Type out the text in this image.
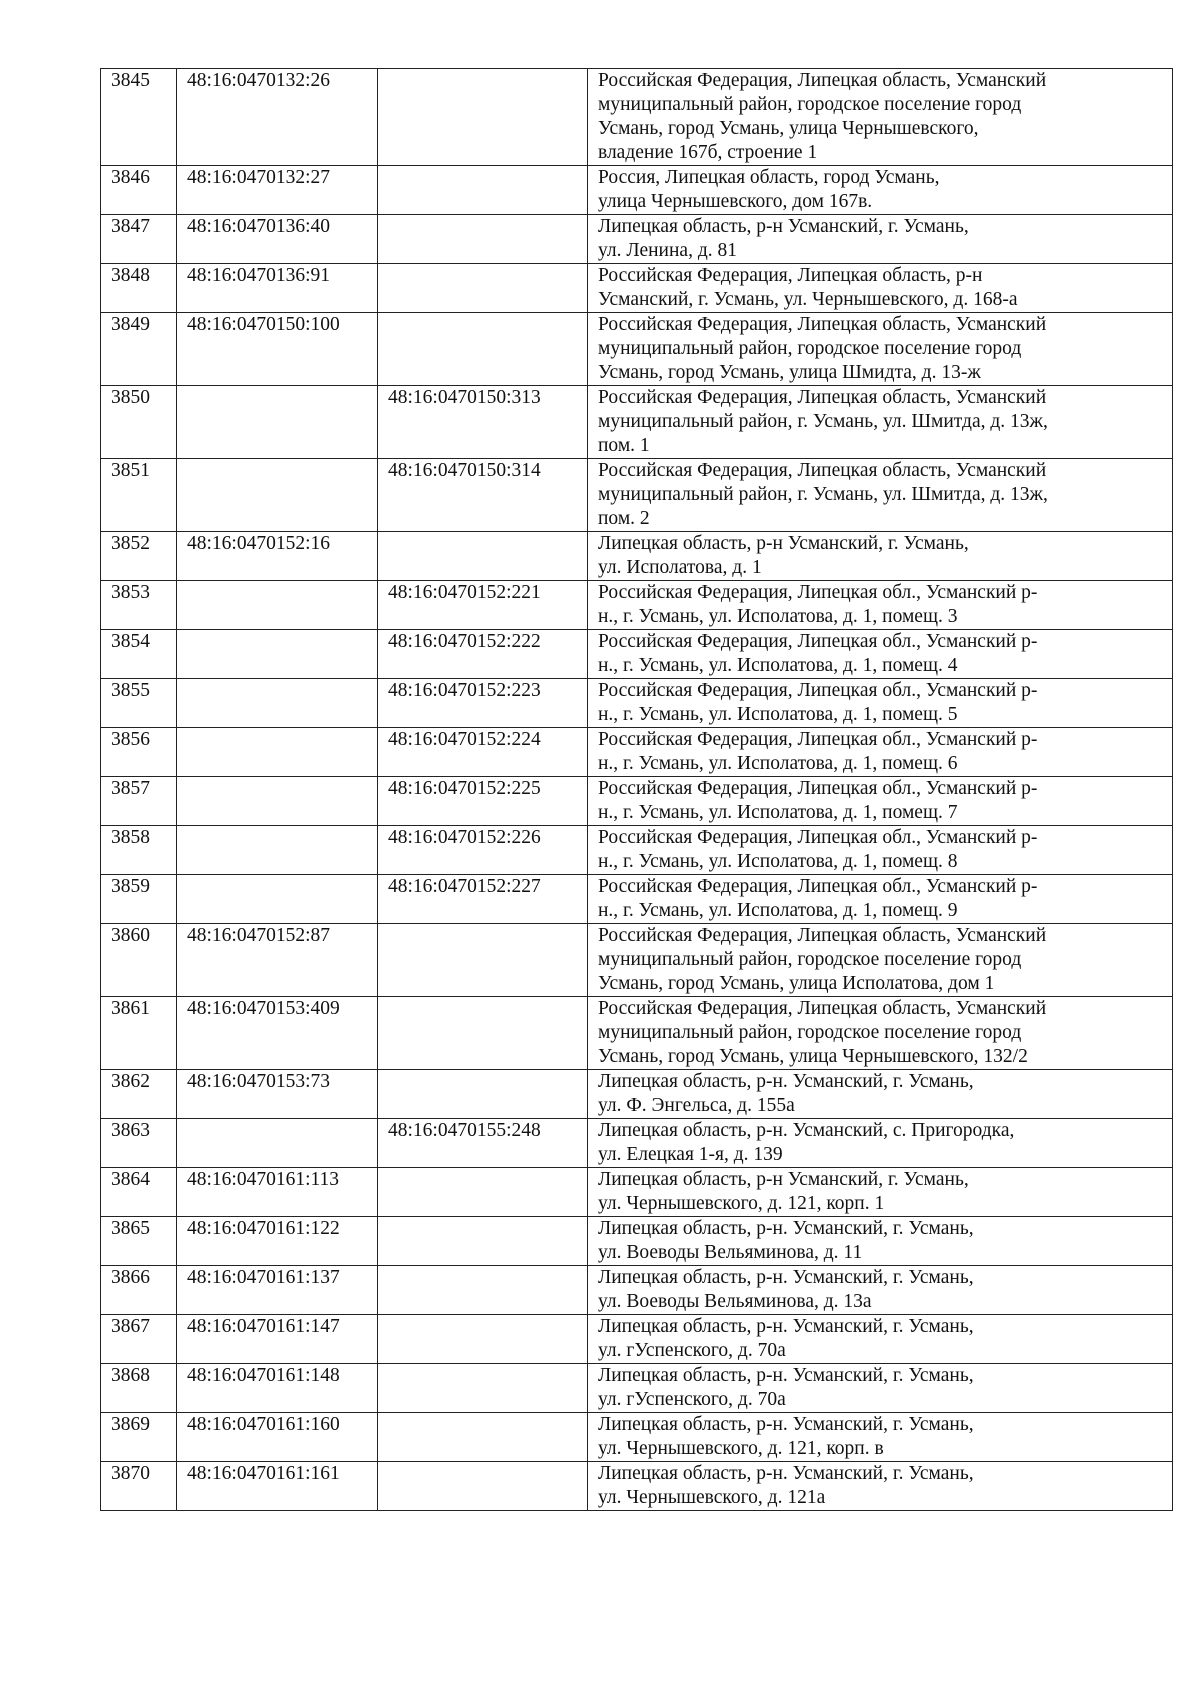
3845	48:16:0470132:26		Российская Федерация, Липецкая область, Усманский
муниципальный район, городское поселение город
Усмань, город Усмань, улица Чернышевского,
владение 167б, строение 1
3846	48:16:0470132:27		Россия, Липецкая область, город Усмань,
улица Чернышевского, дом 167в.
3847	48:16:0470136:40		Липецкая область, р-н Усманский, г. Усмань,
ул. Ленина, д. 81
3848	48:16:0470136:91		Российская Федерация, Липецкая область, р-н
Усманский, г. Усмань, ул. Чернышевского, д. 168-а
3849	48:16:0470150:100		Российская Федерация, Липецкая область, Усманский
муниципальный район, городское поселение город
Усмань, город Усмань, улица Шмидта, д. 13-ж
3850		48:16:0470150:313	Российская Федерация, Липецкая область, Усманский
муниципальный район, г. Усмань, ул. Шмитда, д. 13ж,
пом. 1
3851		48:16:0470150:314	Российская Федерация, Липецкая область, Усманский
муниципальный район, г. Усмань, ул. Шмитда, д. 13ж,
пом. 2
3852	48:16:0470152:16		Липецкая область, р-н Усманский, г. Усмань,
ул. Исполатова, д. 1
3853		48:16:0470152:221	Российская Федерация, Липецкая обл., Усманский р-
н., г. Усмань, ул. Исполатова, д. 1, помещ. 3
3854		48:16:0470152:222	Российская Федерация, Липецкая обл., Усманский р-
н., г. Усмань, ул. Исполатова, д. 1, помещ. 4
3855		48:16:0470152:223	Российская Федерация, Липецкая обл., Усманский р-
н., г. Усмань, ул. Исполатова, д. 1, помещ. 5
3856		48:16:0470152:224	Российская Федерация, Липецкая обл., Усманский р-
н., г. Усмань, ул. Исполатова, д. 1, помещ. 6
3857		48:16:0470152:225	Российская Федерация, Липецкая обл., Усманский р-
н., г. Усмань, ул. Исполатова, д. 1, помещ. 7
3858		48:16:0470152:226	Российская Федерация, Липецкая обл., Усманский р-
н., г. Усмань, ул. Исполатова, д. 1, помещ. 8
3859		48:16:0470152:227	Российская Федерация, Липецкая обл., Усманский р-
н., г. Усмань, ул. Исполатова, д. 1, помещ. 9
3860	48:16:0470152:87		Российская Федерация, Липецкая область, Усманский
муниципальный район, городское поселение город
Усмань, город Усмань, улица Исполатова, дом 1
3861	48:16:0470153:409		Российская Федерация, Липецкая область, Усманский
муниципальный район, городское поселение город
Усмань, город Усмань, улица Чернышевского, 132/2
3862	48:16:0470153:73		Липецкая область, р-н. Усманский, г. Усмань,
ул. Ф. Энгельса, д. 155а
3863		48:16:0470155:248	Липецкая область, р-н. Усманский, с. Пригородка,
ул. Елецкая 1-я, д. 139
3864	48:16:0470161:113		Липецкая область, р-н Усманский, г. Усмань,
ул. Чернышевского, д. 121, корп. 1
3865	48:16:0470161:122		Липецкая область, р-н. Усманский, г. Усмань,
ул. Воеводы Вельяминова, д. 11
3866	48:16:0470161:137		Липецкая область, р-н. Усманский, г. Усмань,
ул. Воеводы Вельяминова, д. 13а
3867	48:16:0470161:147		Липецкая область, р-н. Усманский, г. Усмань,
ул. гУспенского, д. 70а
3868	48:16:0470161:148		Липецкая область, р-н. Усманский, г. Усмань,
ул. гУспенского, д. 70а
3869	48:16:0470161:160		Липецкая область, р-н. Усманский, г. Усмань,
ул. Чернышевского, д. 121, корп. в
3870	48:16:0470161:161		Липецкая область, р-н. Усманский, г. Усмань,
ул. Чернышевского, д. 121а
